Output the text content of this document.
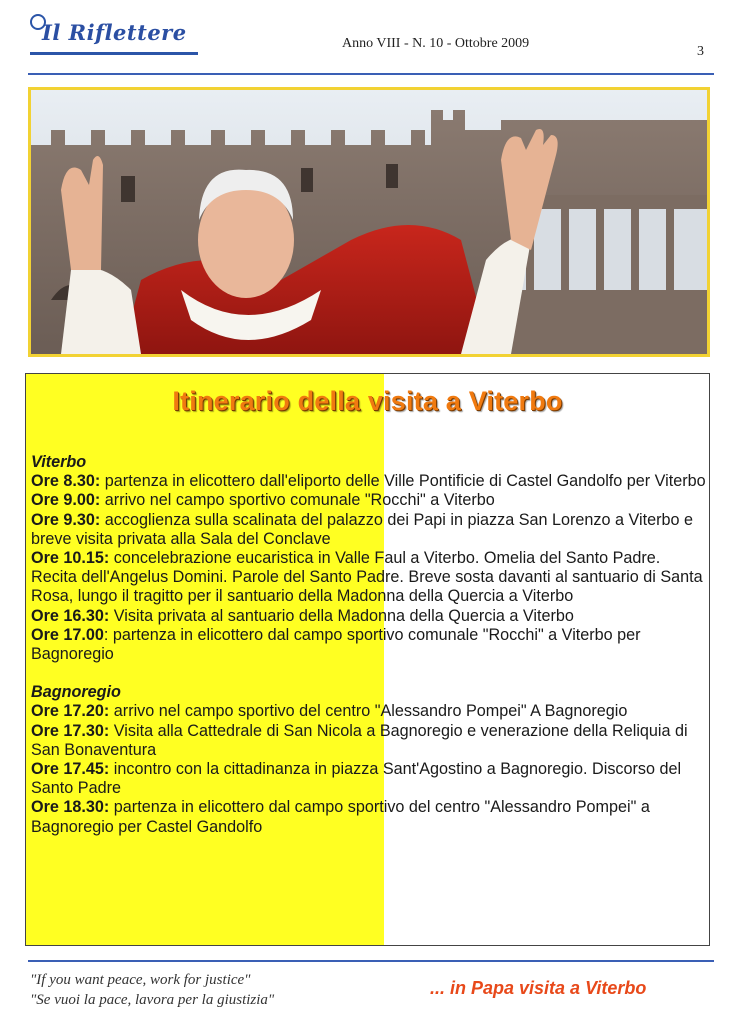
Il Riflettere	Anno VIII - N. 10 - Ottobre 2009
3
Itinerario della visita a Viterbo

Viterbo

Ore 8.30: partenza in elicottero dall'eliporto delle Ville Pontificie di Castel Gandolfo per Viterbo

Ore 9.00: arrivo nel campo sportivo comunale "Rocchi" a Viterbo

Ore 9.30: accoglienza sulla scalinata del palazzo dei Papi in piazza San Lorenzo a Viterbo e breve visita privata alla Sala del Conclave

Ore 10.15: concelebrazione eucaristica in Valle Faul a Viterbo. Omelia del Santo Padre. Recita dell'Angelus Domini. Parole del Santo Padre. Breve sosta davanti al santuario di Santa Rosa, lungo il tragitto per il santuario della Madonna della Quercia a Viterbo

Ore 16.30: Visita privata al santuario della Madonna della Quercia a Viterbo

Ore 17.00: partenza in elicottero dal campo sportivo comunale "Rocchi" a Viterbo per Bagnoregio

Bagnoregio

Ore 17.20: arrivo nel campo sportivo del centro "Alessandro Pompei" A Bagnoregio

Ore 17.30: Visita alla Cattedrale di San Nicola a Bagnoregio e venerazione della Reliquia di San Bonaventura

Ore 17.45: incontro con la cittadinanza in piazza Sant'Agostino a Bagnoregio. Discorso del Santo Padre

Ore 18.30: partenza in elicottero dal campo sportivo del centro "Alessandro Pompei" a Bagnoregio per Castel Gandolfo

"If you want peace, work for justice"
"Se vuoi la pace, lavora per la giustizia"
... in Papa visita a Viterbo
